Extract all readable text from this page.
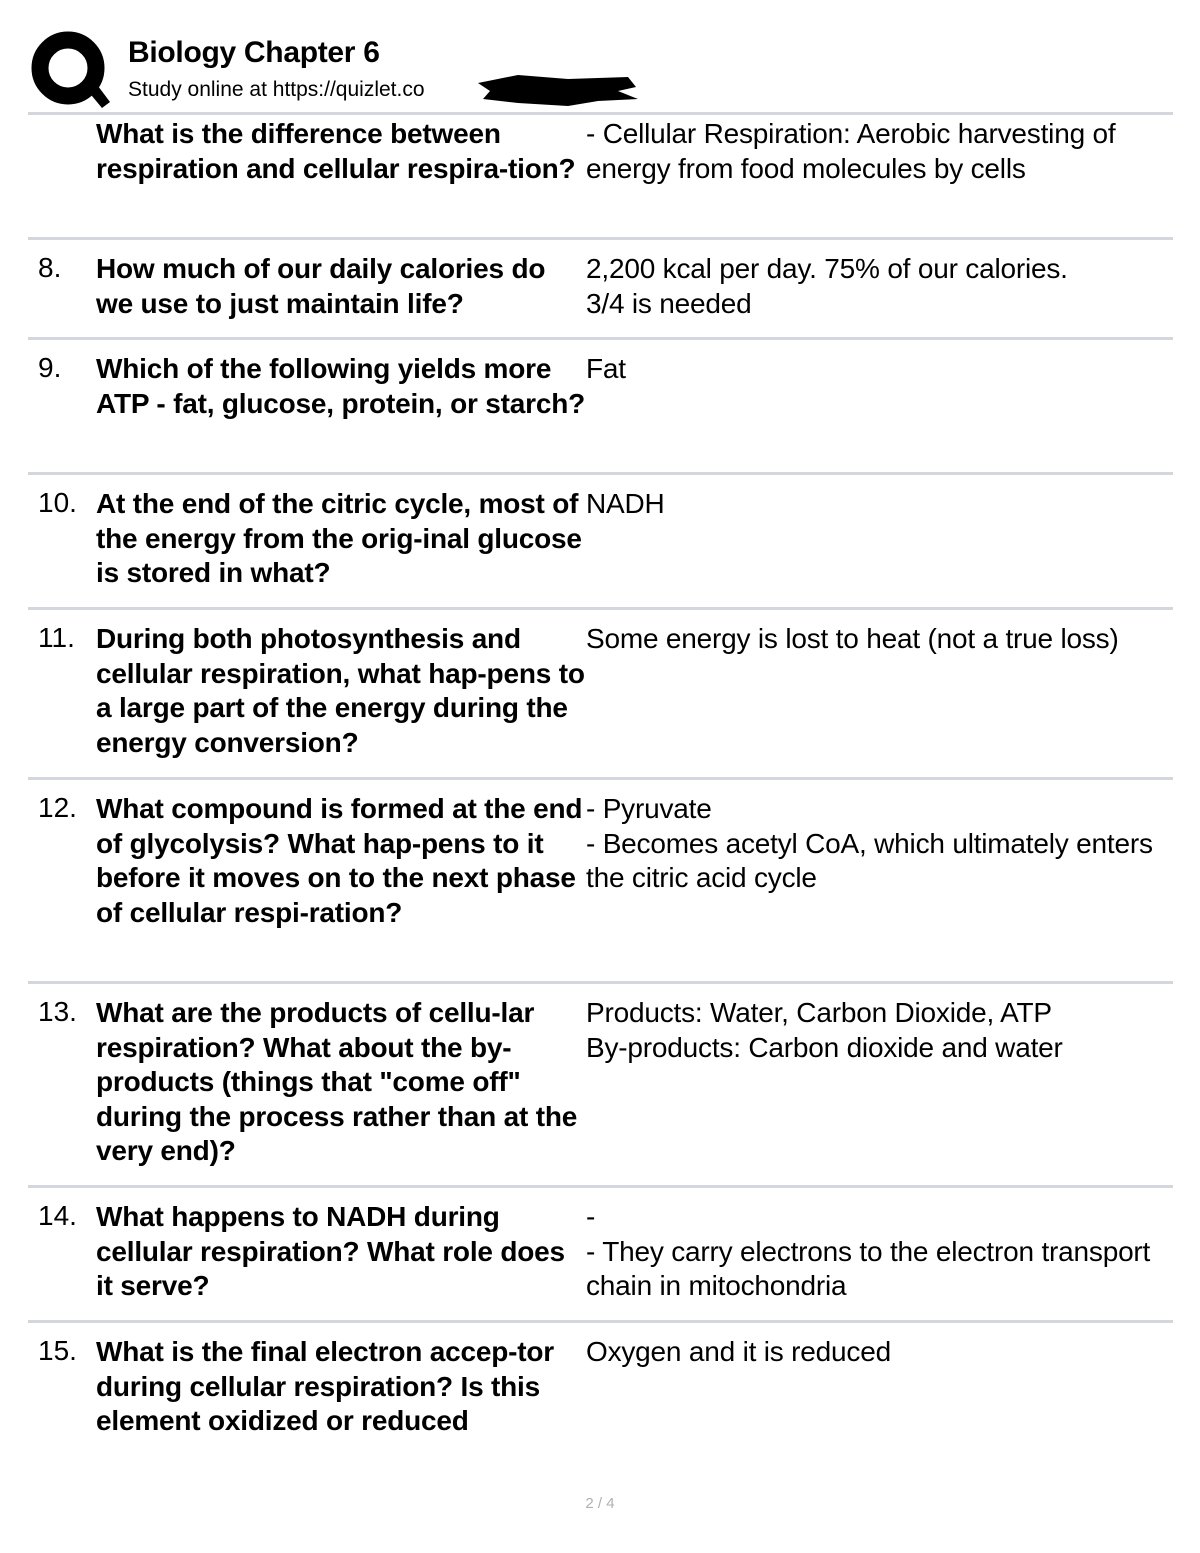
Biology Chapter 6
Study online at https://quizlet.co
What is the difference between respiration and cellular respira-tion?
- Cellular Respiration: Aerobic harvesting of energy from food molecules by cells
8. How much of our daily calories do we use to just maintain life?
2,200 kcal per day. 75% of our calories.
3/4 is needed
9. Which of the following yields more ATP - fat, glucose, protein, or starch?
Fat
10. At the end of the citric cycle, most of the energy from the orig-inal glucose is stored in what?
NADH
11. During both photosynthesis and cellular respiration, what hap-pens to a large part of the energy during the energy conversion?
Some energy is lost to heat (not a true loss)
12. What compound is formed at the end of glycolysis? What hap-pens to it before it moves on to the next phase of cellular respi-ration?
- Pyruvate
- Becomes acetyl CoA, which ultimately enters the citric acid cycle
13. What are the products of cellu-lar respiration? What about the by-products (things that "come off" during the process rather than at the very end)?
Products: Water, Carbon Dioxide, ATP
By-products: Carbon dioxide and water
14. What happens to NADH during cellular respiration? What role does it serve?
-
- They carry electrons to the electron transport chain in mitochondria
15. What is the final electron accep-tor during cellular respiration? Is this element oxidized or reduced
Oxygen and it is reduced
2 / 4
